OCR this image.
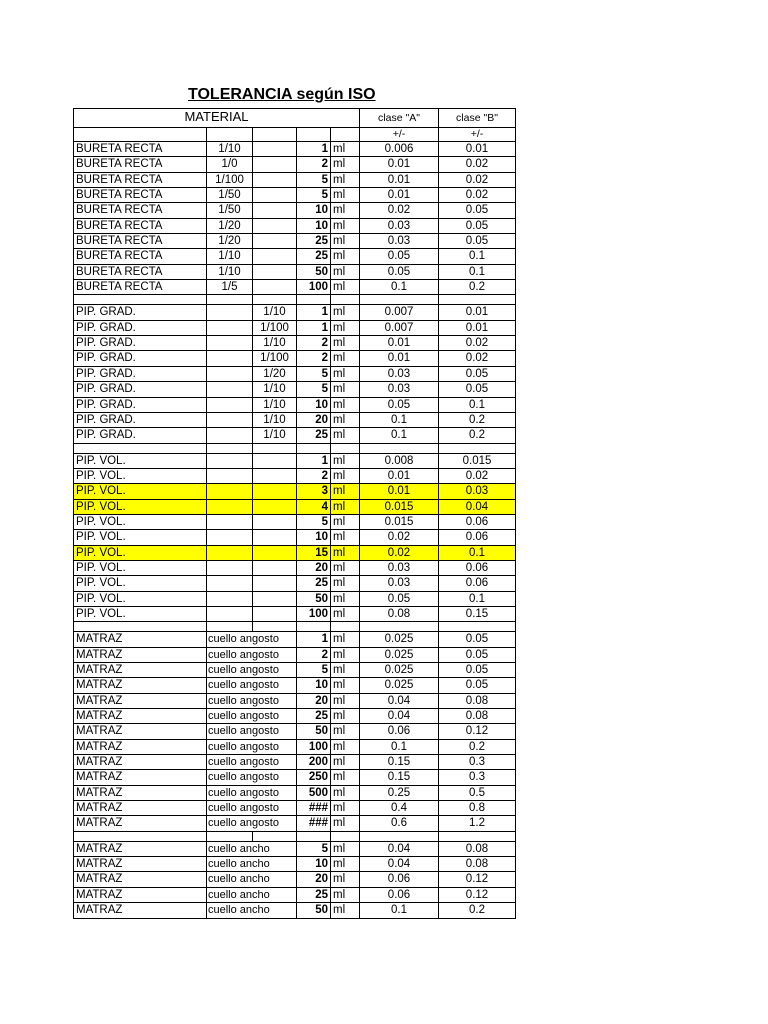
TOLERANCIA según ISO
MATERIAL	clase "A"	clase "B"
+/-	+/-
BURETA RECTA	1/10	1 ml	0.006	0.01
BURETA RECTA	1/0	2 ml	0.01	0.02
BURETA RECTA	1/100	5 ml	0.01	0.02
BURETA RECTA	1/50	5 ml	0.01	0.02
BURETA RECTA	1/50	10 ml	0.02	0.05
BURETA RECTA	1/20	10 ml	0.03	0.05
BURETA RECTA	1/20	25 ml	0.03	0.05
BURETA RECTA	1/10	25 ml	0.05	0.1
BURETA RECTA	1/10	50 ml	0.05	0.1
BURETA RECTA	1/5	100 ml	0.1	0.2
PIP. GRAD.	1/10	1 ml	0.007	0.01
PIP. GRAD.	1/100	1 ml	0.007	0.01
PIP. GRAD.	1/10	2 ml	0.01	0.02
PIP. GRAD.	1/100	2 ml	0.01	0.02
PIP. GRAD.	1/20	5 ml	0.03	0.05
PIP. GRAD.	1/10	5 ml	0.03	0.05
PIP. GRAD.	1/10	10 ml	0.05	0.1
PIP. GRAD.	1/10	20 ml	0.1	0.2
PIP. GRAD.	1/10	25 ml	0.1	0.2
PIP. VOL.	1 ml	0.008	0.015
PIP. VOL.	2 ml	0.01	0.02
PIP. VOL.	3 ml	0.01	0.03
PIP. VOL.	4 ml	0.015	0.04
PIP. VOL.	5 ml	0.015	0.06
PIP. VOL.	10 ml	0.02	0.06
PIP. VOL.	15 ml	0.02	0.1
PIP. VOL.	20 ml	0.03	0.06
PIP. VOL.	25 ml	0.03	0.06
PIP. VOL.	50 ml	0.05	0.1
PIP. VOL.	100 ml	0.08	0.15
MATRAZ	cuello angosto	1 ml	0.025	0.05
MATRAZ	cuello angosto	2 ml	0.025	0.05
MATRAZ	cuello angosto	5 ml	0.025	0.05
MATRAZ	cuello angosto	10 ml	0.025	0.05
MATRAZ	cuello angosto	20 ml	0.04	0.08
MATRAZ	cuello angosto	25 ml	0.04	0.08
MATRAZ	cuello angosto	50 ml	0.06	0.12
MATRAZ	cuello angosto	100 ml	0.1	0.2
MATRAZ	cuello angosto	200 ml	0.15	0.3
MATRAZ	cuello angosto	250 ml	0.15	0.3
MATRAZ	cuello angosto	500 ml	0.25	0.5
MATRAZ	cuello angosto	### ml	0.4	0.8
MATRAZ	cuello angosto	### ml	0.6	1.2
MATRAZ	cuello ancho	5 ml	0.04	0.08
MATRAZ	cuello ancho	10 ml	0.04	0.08
MATRAZ	cuello ancho	20 ml	0.06	0.12
MATRAZ	cuello ancho	25 ml	0.06	0.12
MATRAZ	cuello ancho	50 ml	0.1	0.2
